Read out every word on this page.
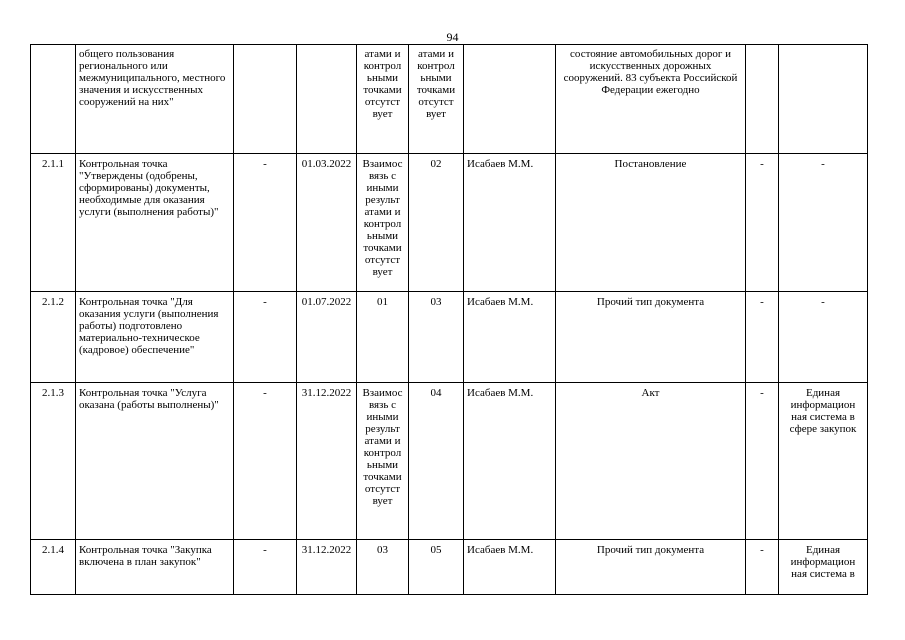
94
	общего пользования регионального или межмуниципального, местного значения и искусственных сооружений на них"			атами и контрол ьными точками отсутст вует	атами и контрол ьными точками отсутст вует		состояние автомобильных дорог и искусственных дорожных сооружений. 83 субъекта Российской Федерации ежегодно		
2.1.1	Контрольная точка "Утверждены (одобрены, сформированы) документы, необходимые для оказания услуги (выполнения работы)"	-	01.03.2022	Взаимос вязь с иными результ атами и контрол ьными точками отсутст вует	02	Исабаев М.М.	Постановление	-	-
2.1.2	Контрольная точка "Для оказания услуги (выполнения работы) подготовлено материально-техническое (кадровое) обеспечение"	-	01.07.2022	01	03	Исабаев М.М.	Прочий тип документа	-	-
2.1.3	Контрольная точка "Услуга оказана (работы выполнены)"	-	31.12.2022	Взаимос вязь с иными результ атами и контрол ьными точками отсутст вует	04	Исабаев М.М.	Акт	-	Единая информацион ная система в сфере закупок
2.1.4	Контрольная точка "Закупка включена в план закупок"	-	31.12.2022	03	05	Исабаев М.М.	Прочий тип документа	-	Единая информацион ная система в
